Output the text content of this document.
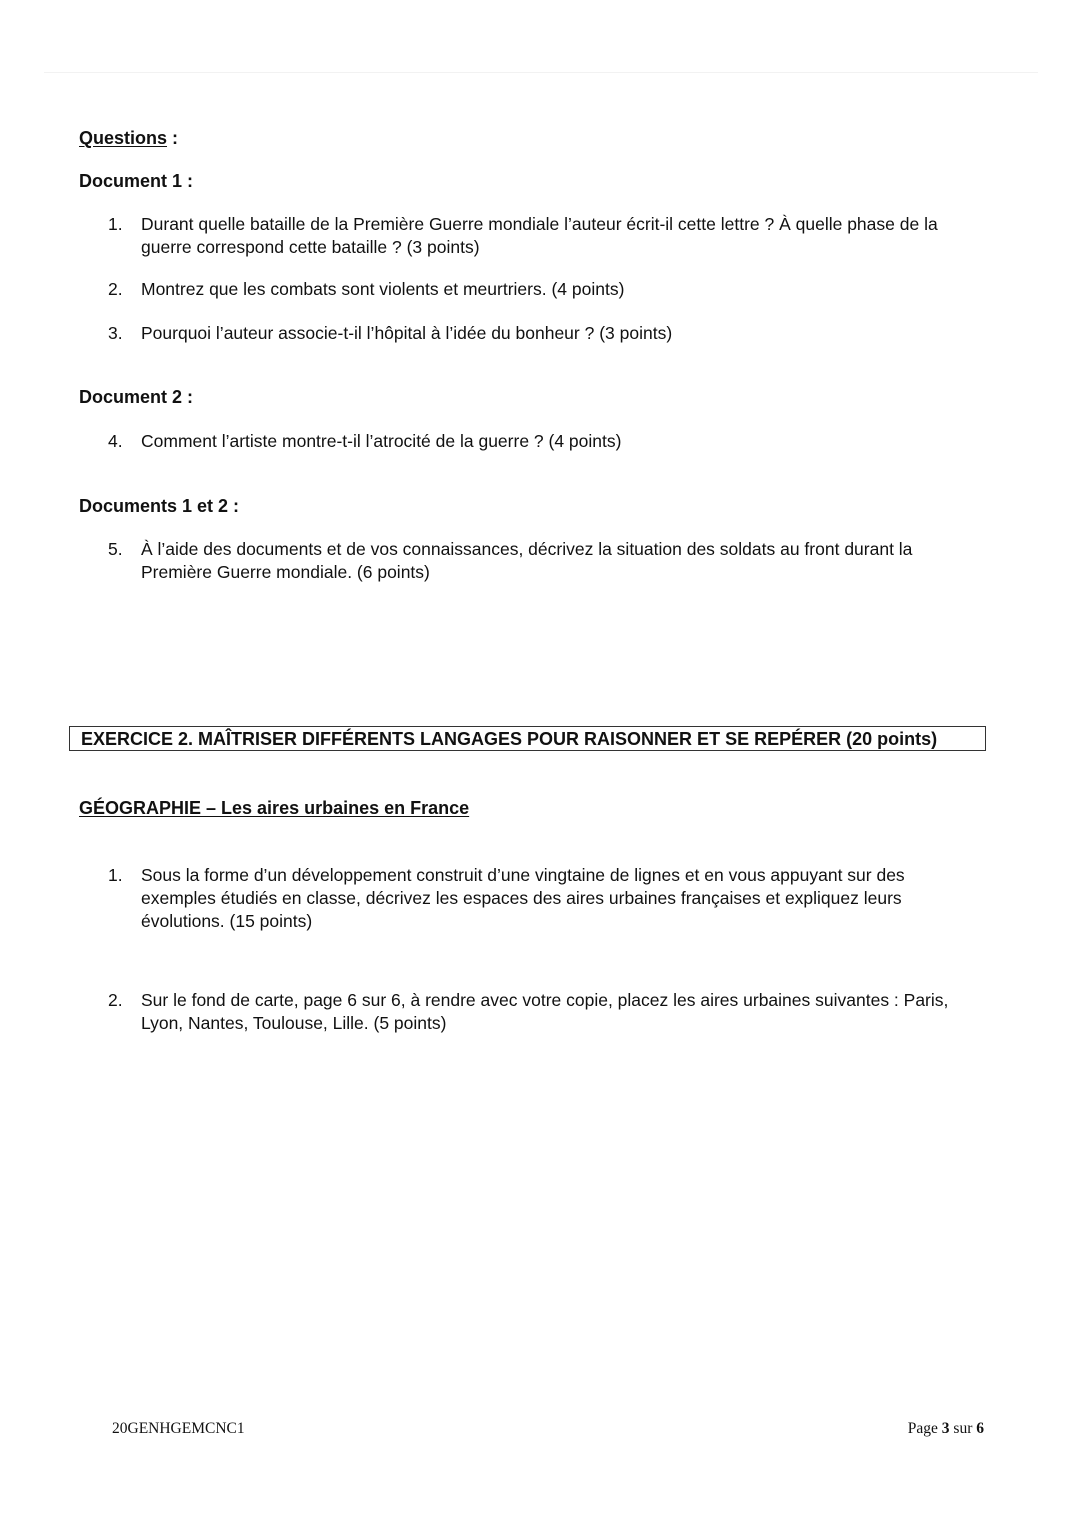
Questions :
Document 1 :
1.	Durant quelle bataille de la Première Guerre mondiale l’auteur écrit-il cette lettre ? À quelle phase de la guerre correspond cette bataille ? (3 points)
2.	Montrez que les combats sont violents et meurtriers. (4 points)
3.	Pourquoi l’auteur associe-t-il l’hôpital à l’idée du bonheur ? (3 points)
Document 2 :
4.	Comment l’artiste montre-t-il l’atrocité de la guerre ? (4 points)
Documents 1 et 2 :
5.	À l’aide des documents et de vos connaissances, décrivez la situation des soldats au front durant la Première Guerre mondiale. (6 points)
EXERCICE 2. MAÎTRISER DIFFÉRENTS LANGAGES POUR RAISONNER ET SE REPÉRER (20 points)
GÉOGRAPHIE – Les aires urbaines en France
1.	Sous la forme d’un développement construit d’une vingtaine de lignes et en vous appuyant sur des exemples étudiés en classe, décrivez les espaces des aires urbaines françaises et expliquez leurs évolutions. (15 points)
2.	Sur le fond de carte, page 6 sur 6, à rendre avec votre copie, placez les aires urbaines suivantes : Paris, Lyon, Nantes, Toulouse, Lille. (5 points)
20GENHGEMCNC1	Page 3 sur 6
